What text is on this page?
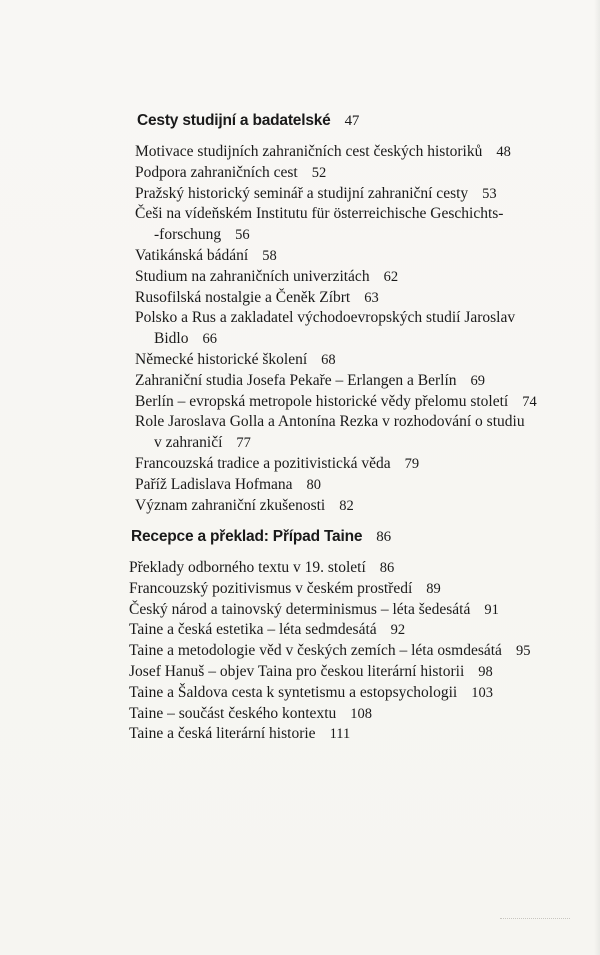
Cesty studijní a badatelské 47
Motivace studijních zahraničních cest českých historiků 48
Podpora zahraničních cest 52
Pražský historický seminář a studijní zahraniční cesty 53
Češi na vídeňském Institutu für österreichische Geschichts-
-forschung 56
Vatikánská bádání 58
Studium na zahraničních univerzitách 62
Rusofilská nostalgie a Čeněk Zíbrt 63
Polsko a Rus a zakladatel východoevropských studií Jaroslav
Bidlo 66
Německé historické školení 68
Zahraniční studia Josefa Pekaře – Erlangen a Berlín 69
Berlín – evropská metropole historické vědy přelomu století 74
Role Jaroslava Golla a Antonína Rezka v rozhodování o studiu
v zahraničí 77
Francouzská tradice a pozitivistická věda 79
Paříž Ladislava Hofmana 80
Význam zahraniční zkušenosti 82
Recepce a překlad: Případ Taine 86
Překlady odborného textu v 19. století 86
Francouzský pozitivismus v českém prostředí 89
Český národ a tainovský determinismus – léta šedesátá 91
Taine a česká estetika – léta sedmdesátá 92
Taine a metodologie věd v českých zemích – léta osmdesátá 95
Josef Hanuš – objev Taina pro českou literární historii 98
Taine a Šaldova cesta k syntetismu a estopsychologii 103
Taine – součást českého kontextu 108
Taine a česká literární historie 111
